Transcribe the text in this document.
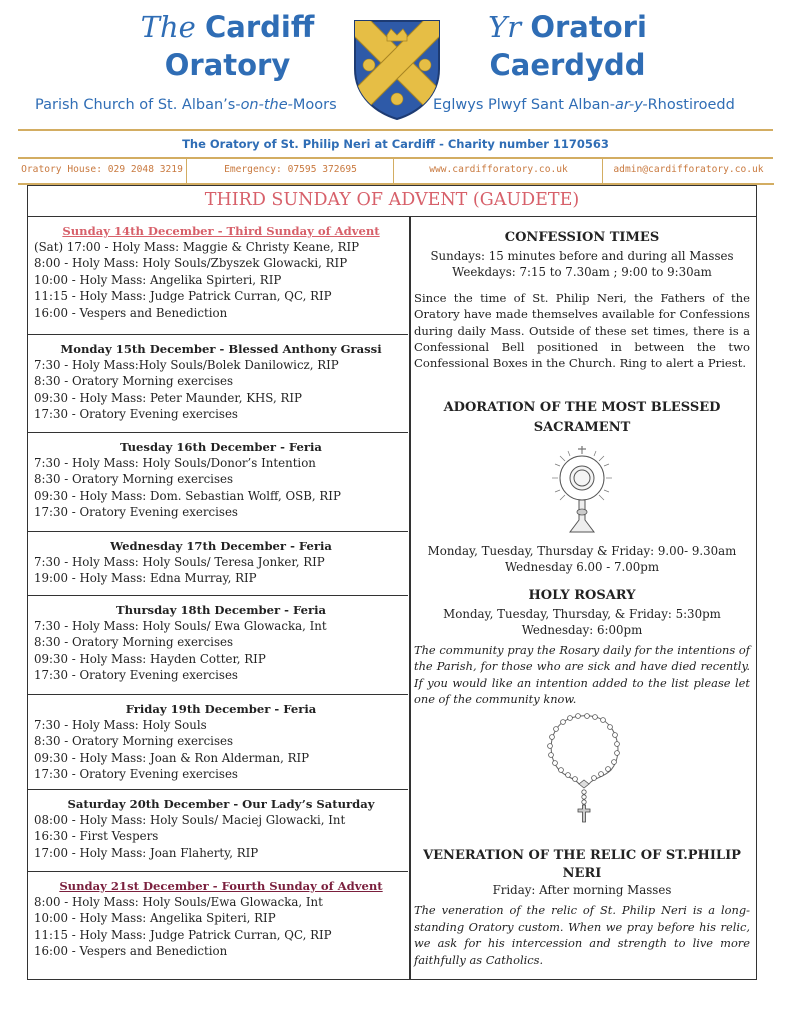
The Cardiff
Oratory
Yr Oratori
Caerdydd
Parish Church of St. Alban’s-on-the-Moors	Eglwys Plwyf Sant Alban-ar-y-Rhostiroedd
The Oratory of St. Philip Neri at Cardiff - Charity number 1170563
Oratory House: 029 2048 3219	Emergency: 07595 372695	www.cardifforatory.co.uk	admin@cardifforatory.co.uk
THIRD SUNDAY OF ADVENT (GAUDETE)
Sunday 14th December - Third Sunday of Advent
(Sat) 17:00 - Holy Mass: Maggie & Christy Keane, RIP
8:00 - Holy Mass: Holy Souls/Zbyszek Glowacki, RIP
10:00 - Holy Mass: Angelika Spirteri, RIP
11:15 - Holy Mass: Judge Patrick Curran, QC, RIP
16:00 - Vespers and Benediction
Monday 15th December - Blessed Anthony Grassi
7:30 - Holy Mass:Holy Souls/Bolek Danilowicz, RIP
8:30 - Oratory Morning exercises
09:30 - Holy Mass: Peter Maunder, KHS, RIP
17:30 - Oratory Evening exercises
Tuesday 16th December - Feria
7:30 - Holy Mass: Holy Souls/Donor’s Intention
8:30 - Oratory Morning exercises
09:30 - Holy Mass: Dom. Sebastian Wolff, OSB, RIP
17:30 - Oratory Evening exercises
Wednesday 17th December - Feria
7:30 - Holy Mass: Holy Souls/ Teresa Jonker, RIP
19:00 - Holy Mass: Edna Murray, RIP
Thursday 18th December - Feria
7:30 - Holy Mass: Holy Souls/ Ewa Glowacka, Int
8:30 - Oratory Morning exercises
09:30 - Holy Mass: Hayden Cotter, RIP
17:30 - Oratory Evening exercises
Friday 19th December - Feria
7:30 - Holy Mass: Holy Souls
8:30 - Oratory Morning exercises
09:30 - Holy Mass: Joan & Ron Alderman, RIP
17:30 - Oratory Evening exercises
Saturday 20th December - Our Lady’s Saturday
08:00 - Holy Mass: Holy Souls/ Maciej Glowacki, Int
16:30 - First Vespers
17:00 - Holy Mass: Joan Flaherty, RIP
Sunday 21st December - Fourth Sunday of Advent
8:00 - Holy Mass: Holy Souls/Ewa Glowacka, Int
10:00 - Holy Mass: Angelika Spiteri, RIP
11:15 - Holy Mass: Judge Patrick Curran, QC, RIP
16:00 - Vespers and Benediction
CONFESSION TIMES
Sundays: 15 minutes before and during all Masses
Weekdays: 7:15 to 7.30am ; 9:00 to 9:30am
Since the time of St. Philip Neri, the Fathers of the Oratory have made themselves available for Confessions during daily Mass. Outside of these set times, there is a Confessional Bell positioned in between the two Confessional Boxes in the Church. Ring to alert a Priest.
ADORATION OF THE MOST BLESSED
SACRAMENT
Monday, Tuesday, Thursday & Friday: 9.00- 9.30am
Wednesday 6.00 - 7.00pm
HOLY ROSARY
Monday, Tuesday, Thursday, & Friday: 5:30pm
Wednesday: 6:00pm
The community pray the Rosary daily for the intentions of the Parish, for those who are sick and have died recently. If you would like an intention added to the list please let one of the community know.
VENERATION OF THE RELIC OF ST.PHILIP
NERI
Friday: After morning Masses
The veneration of the relic of St. Philip Neri is a long-standing Oratory custom. When we pray before his relic, we ask for his intercession and strength to live more faithfully as Catholics.
